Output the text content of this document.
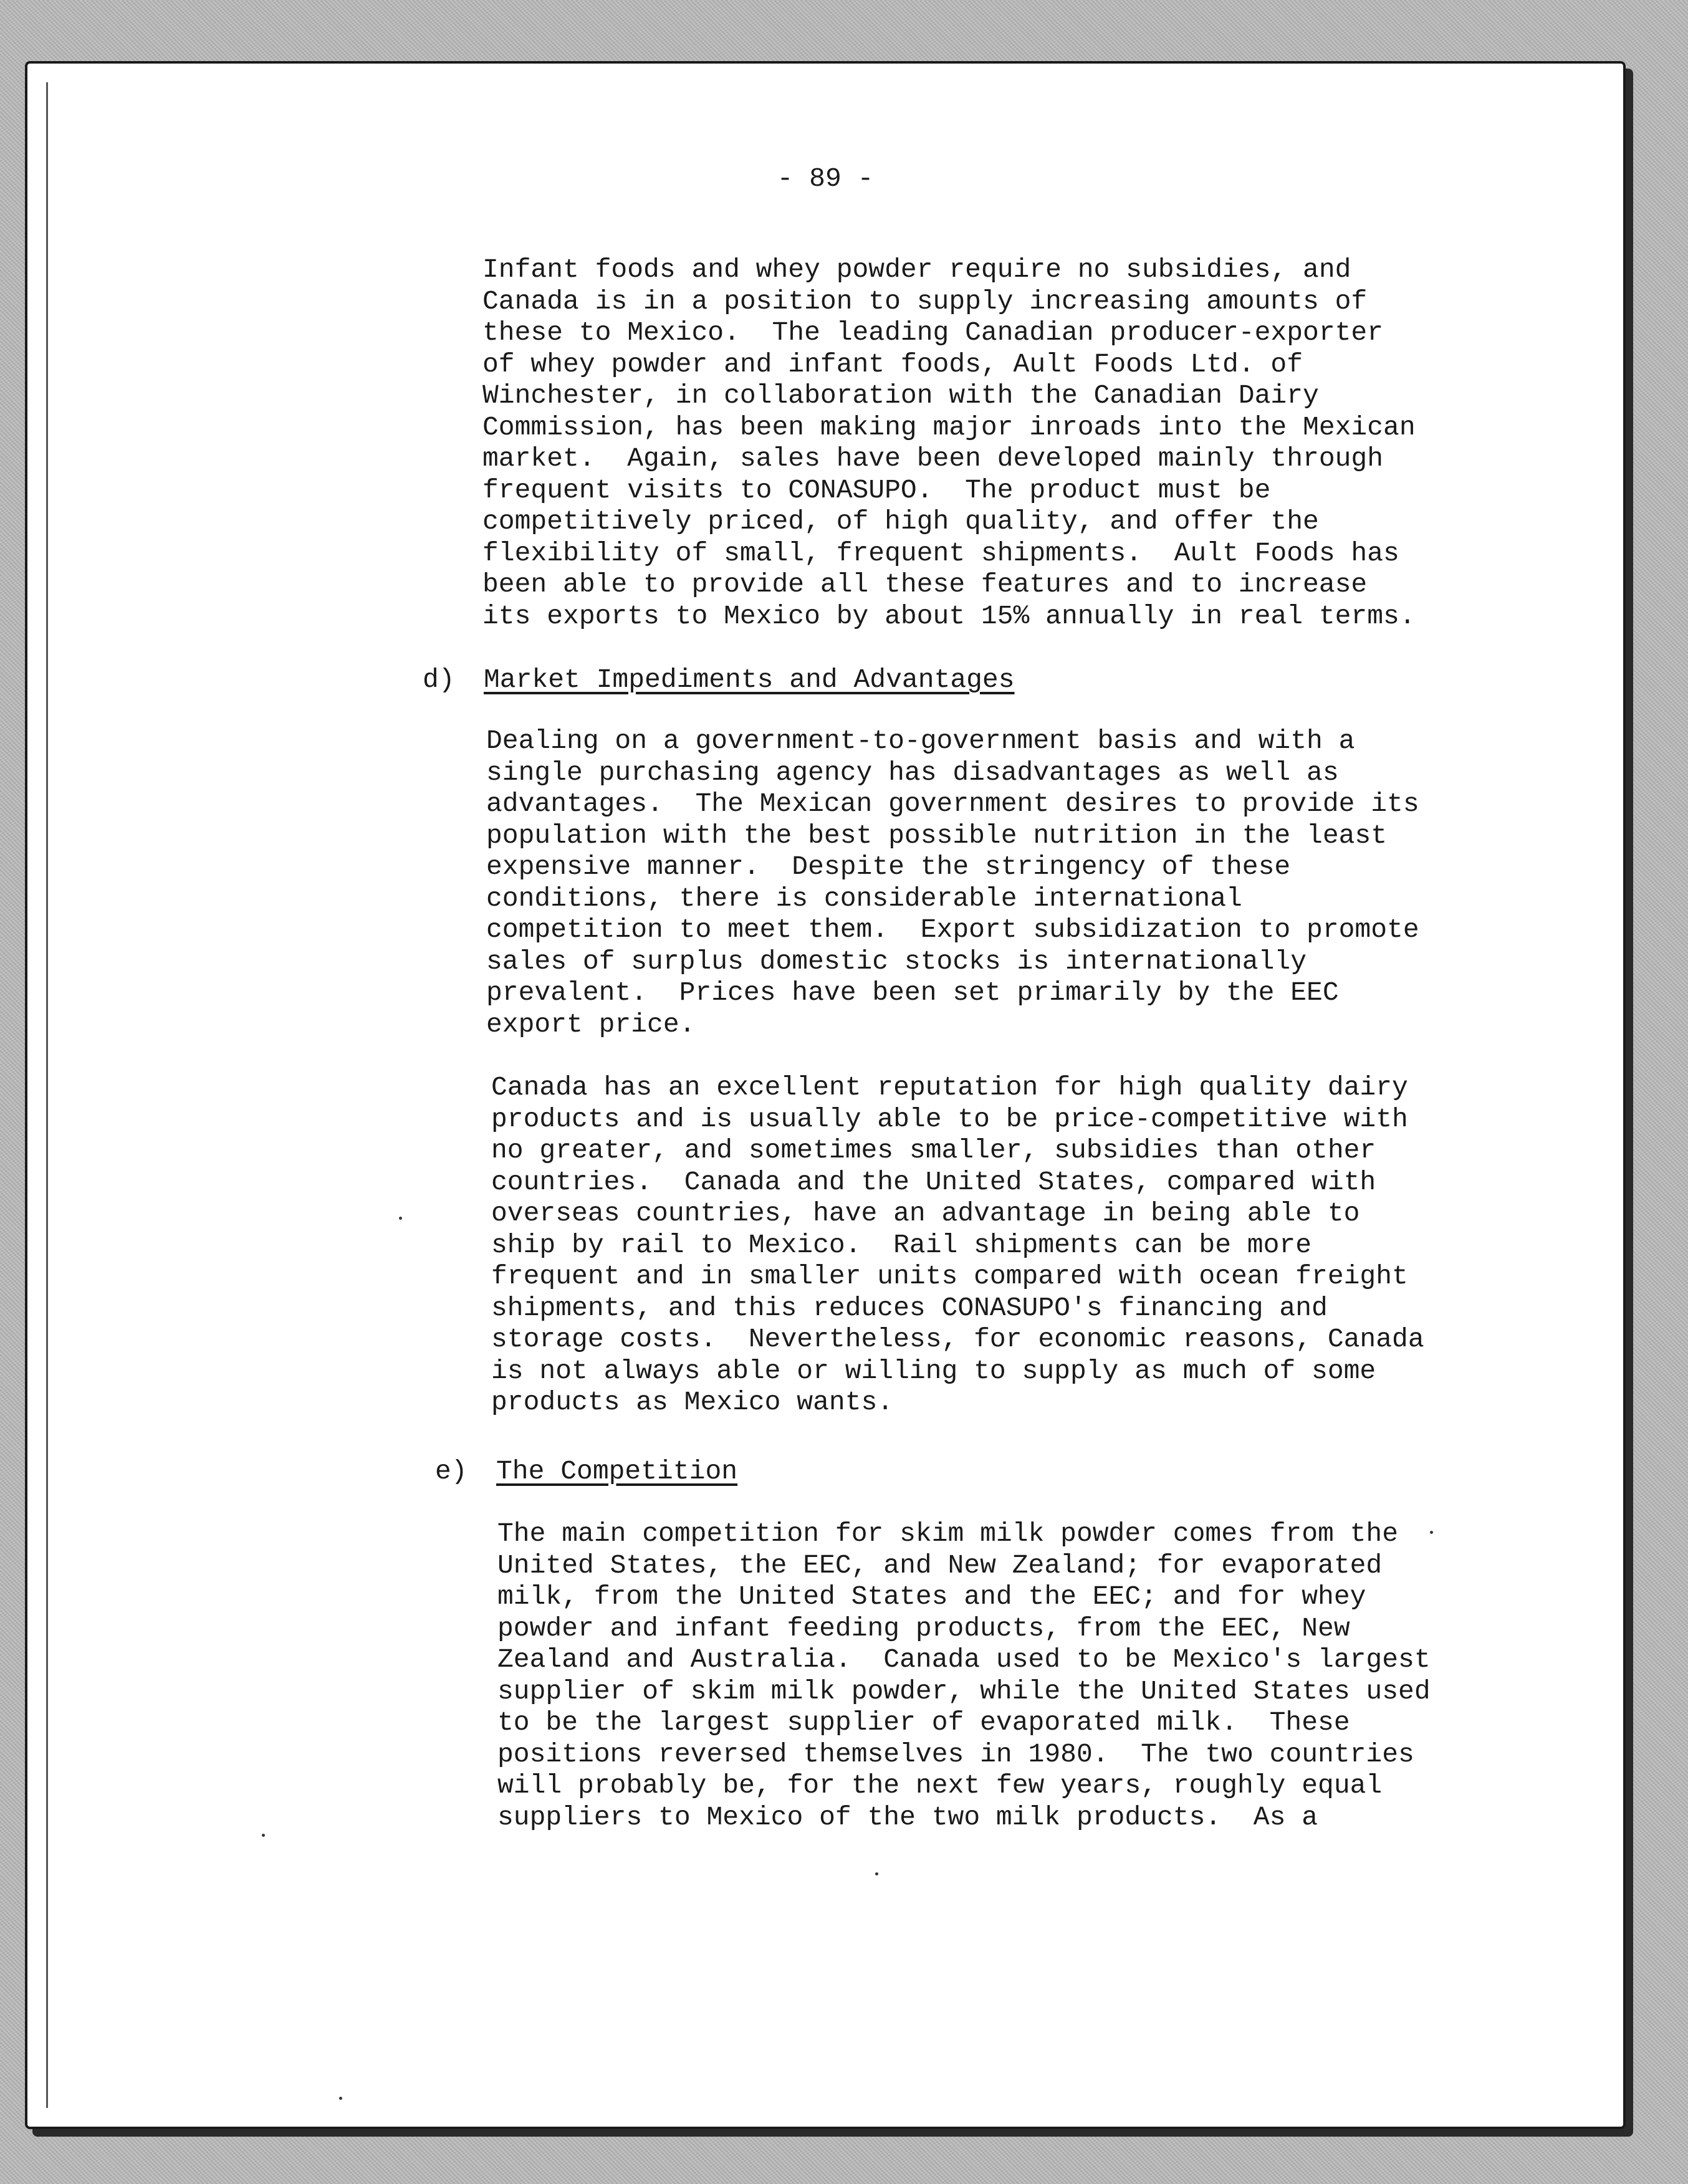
- 89 -

Infant foods and whey powder require no subsidies, and
Canada is in a position to supply increasing amounts of
these to Mexico.  The leading Canadian producer-exporter
of whey powder and infant foods, Ault Foods Ltd. of
Winchester, in collaboration with the Canadian Dairy
Commission, has been making major inroads into the Mexican
market.  Again, sales have been developed mainly through
frequent visits to CONASUPO.  The product must be
competitively priced, of high quality, and offer the
flexibility of small, frequent shipments.  Ault Foods has
been able to provide all these features and to increase
its exports to Mexico by about 15% annually in real terms.

d) Market Impediments and Advantages

Dealing on a government-to-government basis and with a
single purchasing agency has disadvantages as well as
advantages.  The Mexican government desires to provide its
population with the best possible nutrition in the least
expensive manner.  Despite the stringency of these
conditions, there is considerable international
competition to meet them.  Export subsidization to promote
sales of surplus domestic stocks is internationally
prevalent.  Prices have been set primarily by the EEC
export price.

Canada has an excellent reputation for high quality dairy
products and is usually able to be price-competitive with
no greater, and sometimes smaller, subsidies than other
countries.  Canada and the United States, compared with
overseas countries, have an advantage in being able to
ship by rail to Mexico.  Rail shipments can be more
frequent and in smaller units compared with ocean freight
shipments, and this reduces CONASUPO's financing and
storage costs.  Nevertheless, for economic reasons, Canada
is not always able or willing to supply as much of some
products as Mexico wants.

e) The Competition

The main competition for skim milk powder comes from the
United States, the EEC, and New Zealand; for evaporated
milk, from the United States and the EEC; and for whey
powder and infant feeding products, from the EEC, New
Zealand and Australia.  Canada used to be Mexico's largest
supplier of skim milk powder, while the United States used
to be the largest supplier of evaporated milk.  These
positions reversed themselves in 1980.  The two countries
will probably be, for the next few years, roughly equal
suppliers to Mexico of the two milk products.  As a
